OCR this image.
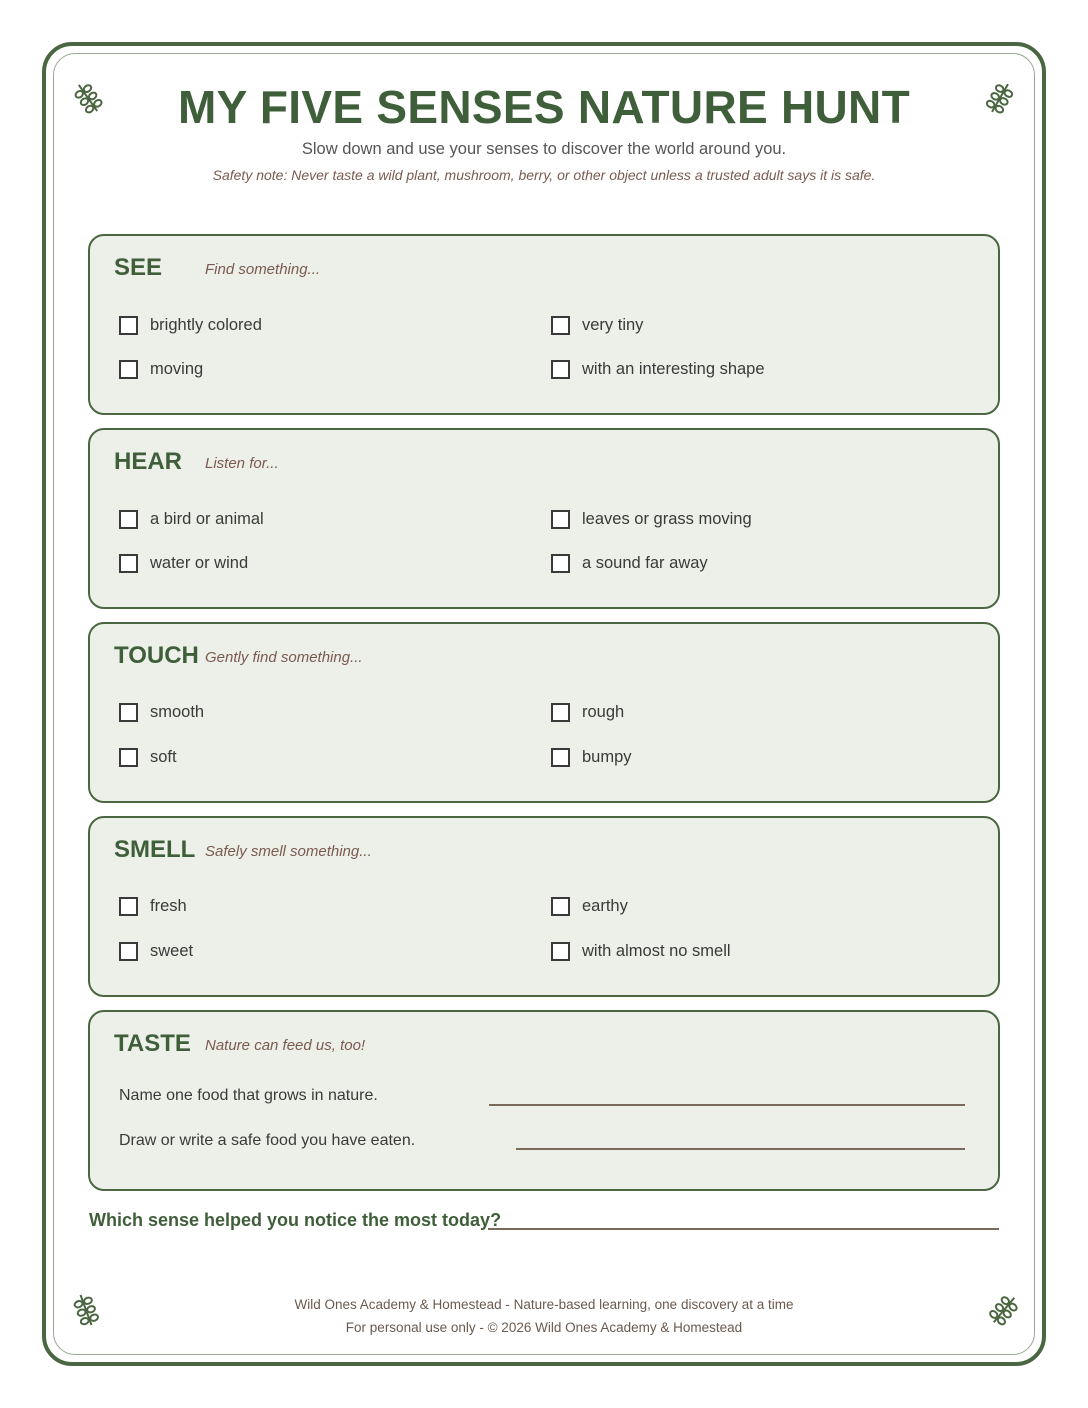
MY FIVE SENSES NATURE HUNT
Slow down and use your senses to discover the world around you.
Safety note: Never taste a wild plant, mushroom, berry, or other object unless a trusted adult says it is safe.
SEE	Find something...
brightly colored	very tiny
moving	with an interesting shape
HEAR Listen for...
a bird or animal	leaves or grass moving
water or wind	a sound far away
TOUCH Gently find something...
smooth	rough
soft	bumpy
SMELL Safely smell something...
fresh	earthy
sweet	with almost no smell
TASTE Nature can feed us, too!
Name one food that grows in nature.
Draw or write a safe food you have eaten.
Which sense helped you notice the most today?
Wild Ones Academy & Homestead - Nature-based learning, one discovery at a time
For personal use only - © 2026 Wild Ones Academy & Homestead
